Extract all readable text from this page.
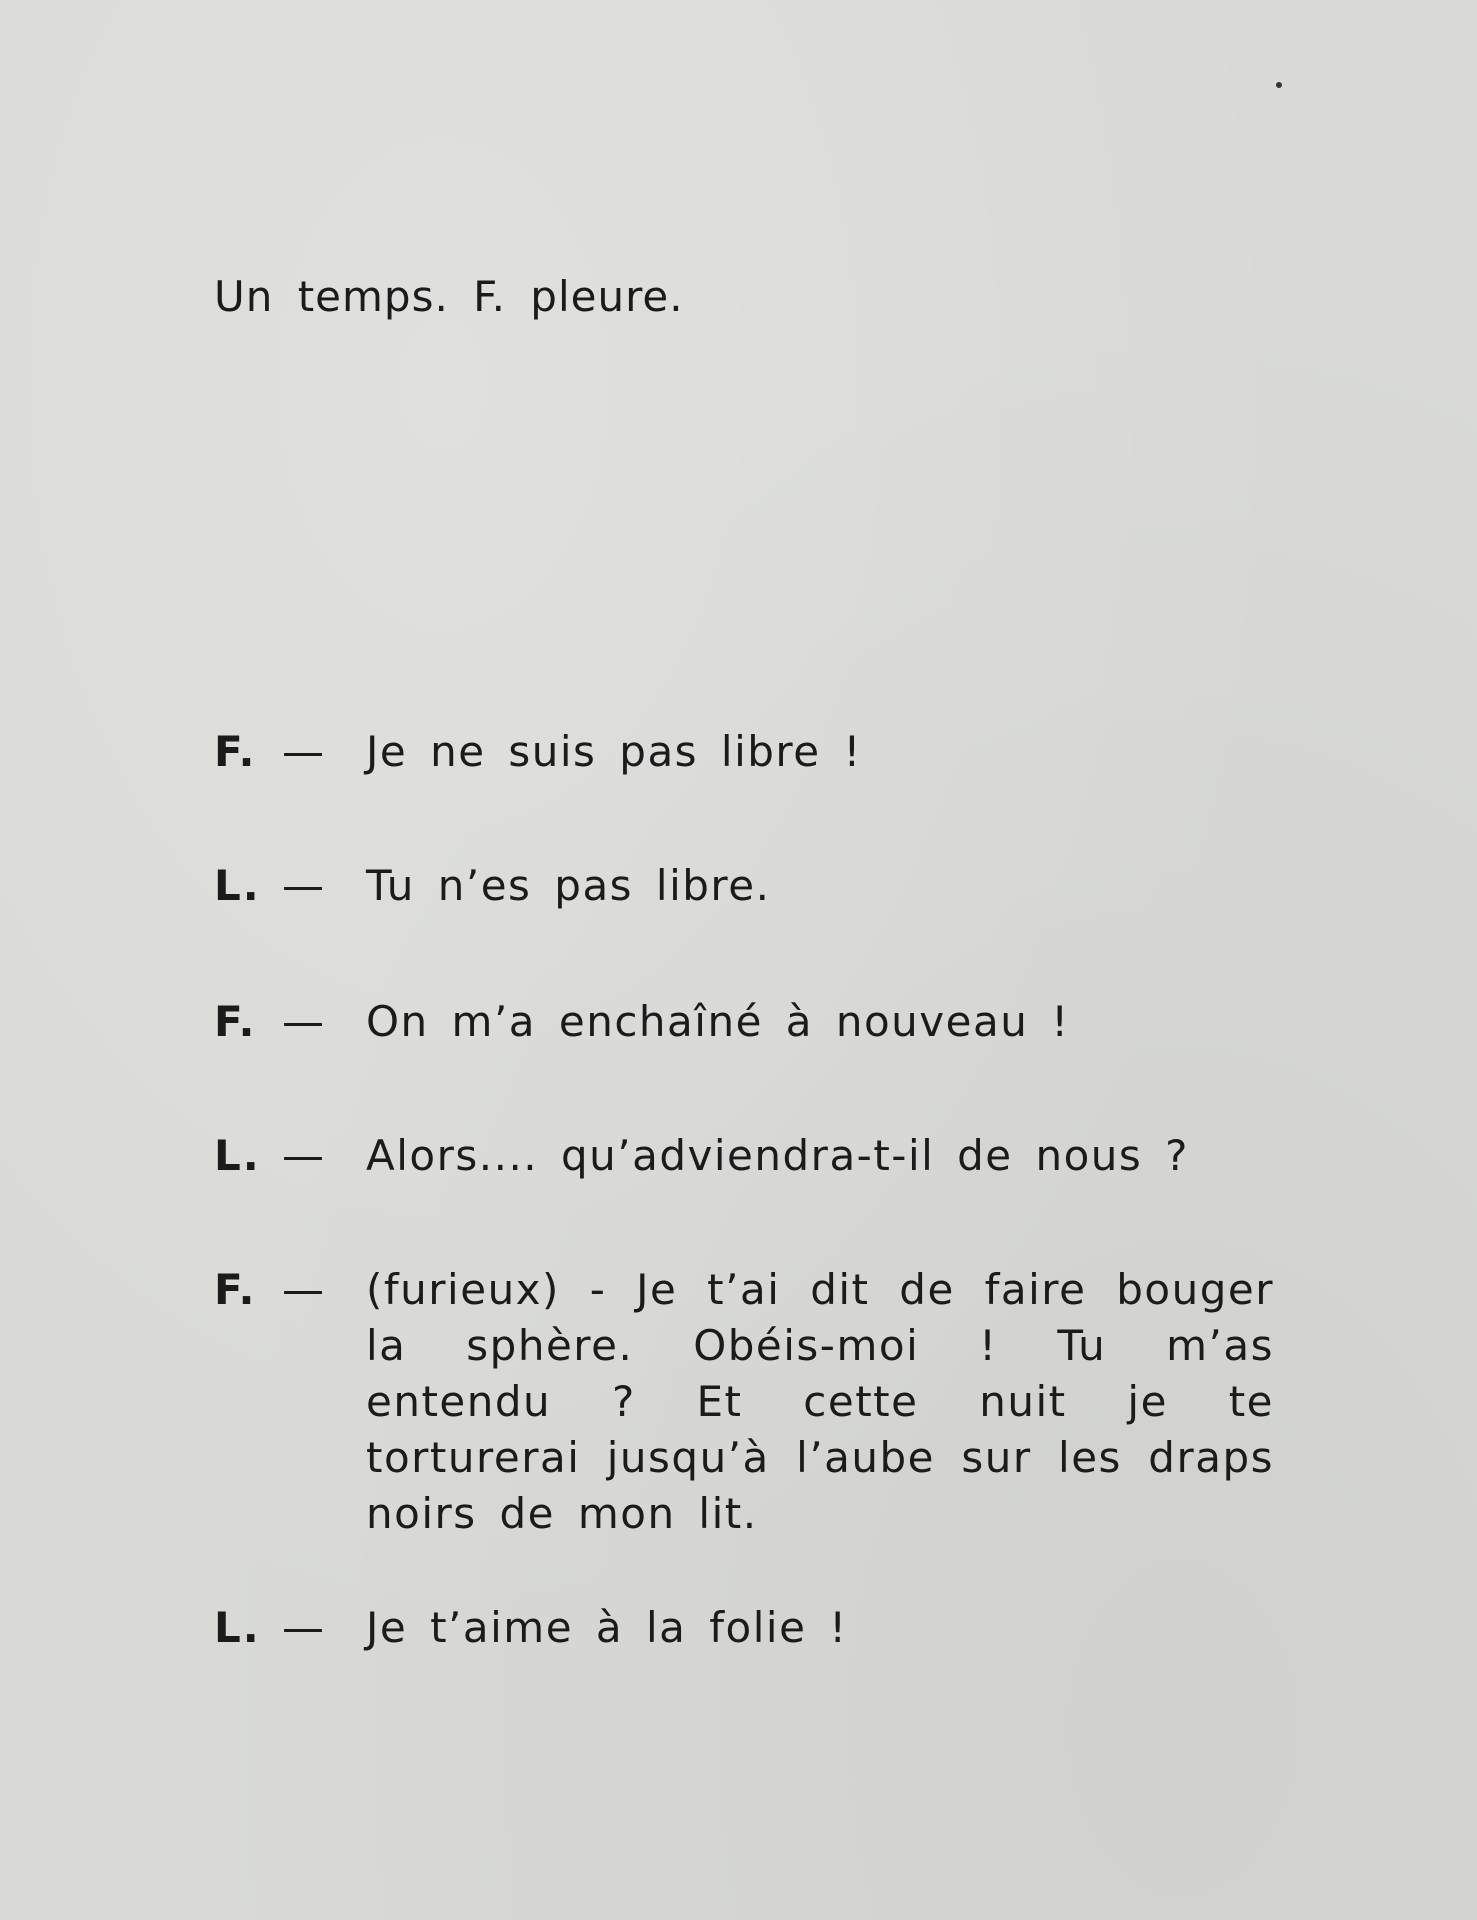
Un temps. F. pleure.

F. — Je ne suis pas libre !
L. — Tu n’es pas libre.
F. — On m’a enchaîné à nouveau !
L. — Alors.... qu’adviendra-t-il de nous ?
F. — (furieux) - Je t’ai dit de faire bouger la sphère. Obéis-moi ! Tu m’as entendu ? Et cette nuit je te torturerai jusqu’à l’aube sur les draps noirs de mon lit.
L. — Je t’aime à la folie !
